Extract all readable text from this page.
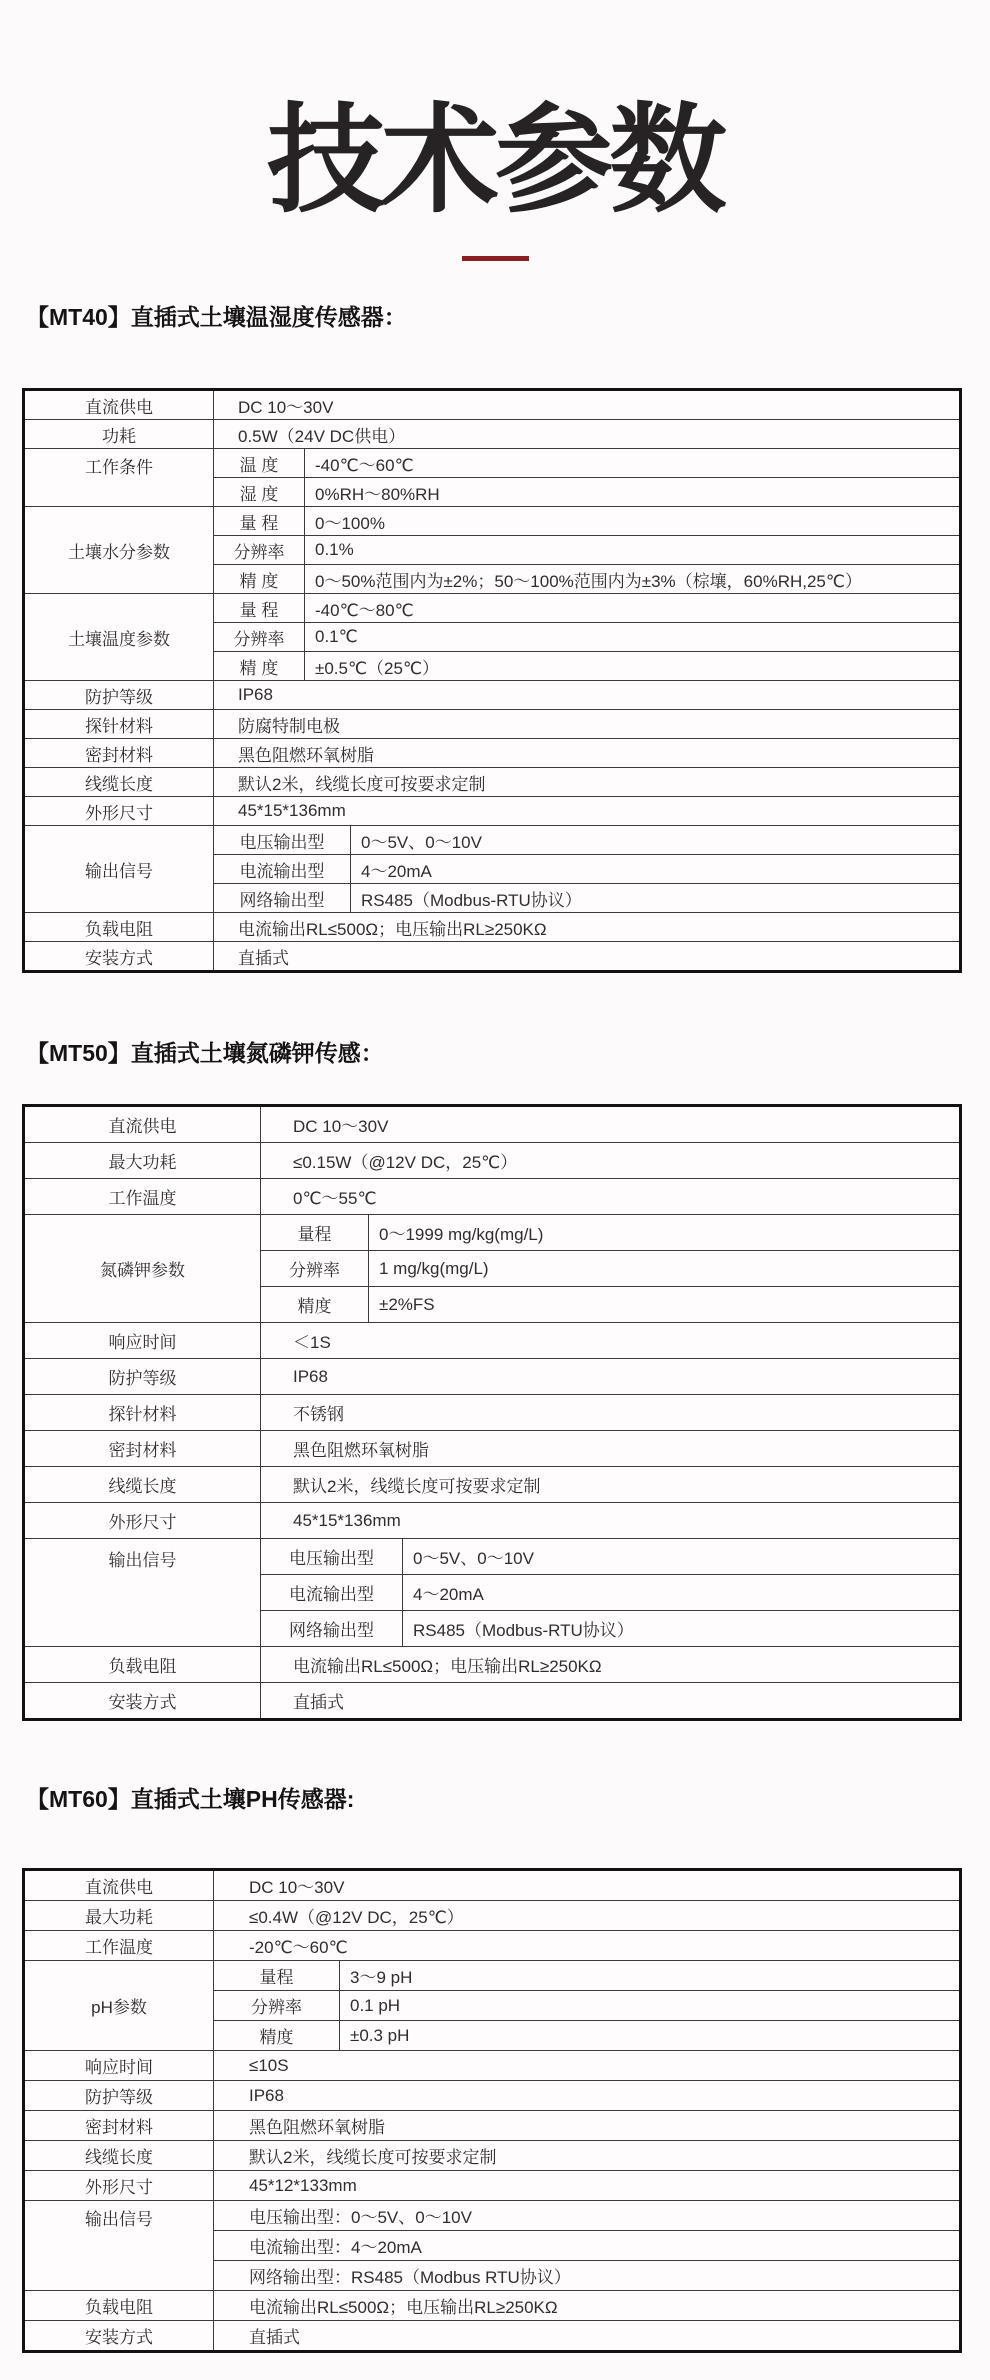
技术参数
【MT40】直插式土壤温湿度传感器：
直流供电	DC 10～30V

功耗	0.5W（24V DC供电）

工作条件	温 度 -40℃～60℃

湿 度 0%RH～80%RH

土壤水分参数	量 程 0～100%

分辨率 0.1%

精 度 0～50%范围内为±2%；50～100%范围内为±3%（棕壤，60%RH,25℃）

土壤温度参数	量 程 -40℃～80℃

分辨率 0.1℃

精 度 ±0.5℃（25℃）

防护等级	IP68

探针材料	防腐特制电极

密封材料	黑色阻燃环氧树脂

线缆长度	默认2米，线缆长度可按要求定制

外形尺寸	45*15*136mm

输出信号	电压输出型 0～5V、0～10V

电流输出型 4～20mA

网络输出型 RS485（Modbus-RTU协议）

负载电阻	电流输出RL≤500Ω；电压输出RL≥250KΩ

安装方式	直插式
【MT50】直插式土壤氮磷钾传感：
直流供电	DC 10～30V

最大功耗	≤0.15W（@12V DC，25℃）

工作温度	0℃～55℃

氮磷钾参数	量程 0～1999 mg/kg(mg/L)

分辨率 1 mg/kg(mg/L)

精度 ±2%FS

响应时间	＜1S

防护等级	IP68

探针材料	不锈钢

密封材料	黑色阻燃环氧树脂

线缆长度	默认2米，线缆长度可按要求定制

外形尺寸	45*15*136mm

输出信号	电压输出型 0～5V、0～10V

电流输出型 4～20mA

网络输出型 RS485（Modbus-RTU协议）

负载电阻	电流输出RL≤500Ω；电压输出RL≥250KΩ

安装方式	直插式
【MT60】直插式土壤PH传感器:
直流供电	DC 10～30V

最大功耗	≤0.4W（@12V DC，25℃）

工作温度	-20℃～60℃

pH参数	量程 3～9 pH

分辨率 0.1 pH

精度 ±0.3 pH

响应时间	≤10S

防护等级	IP68

密封材料	黑色阻燃环氧树脂

线缆长度	默认2米，线缆长度可按要求定制

外形尺寸	45*12*133mm

输出信号	电压输出型：0～5V、0～10V

电流输出型：4～20mA

网络输出型：RS485（Modbus RTU协议）

负载电阻	电流输出RL≤500Ω；电压输出RL≥250KΩ

安装方式	直插式
